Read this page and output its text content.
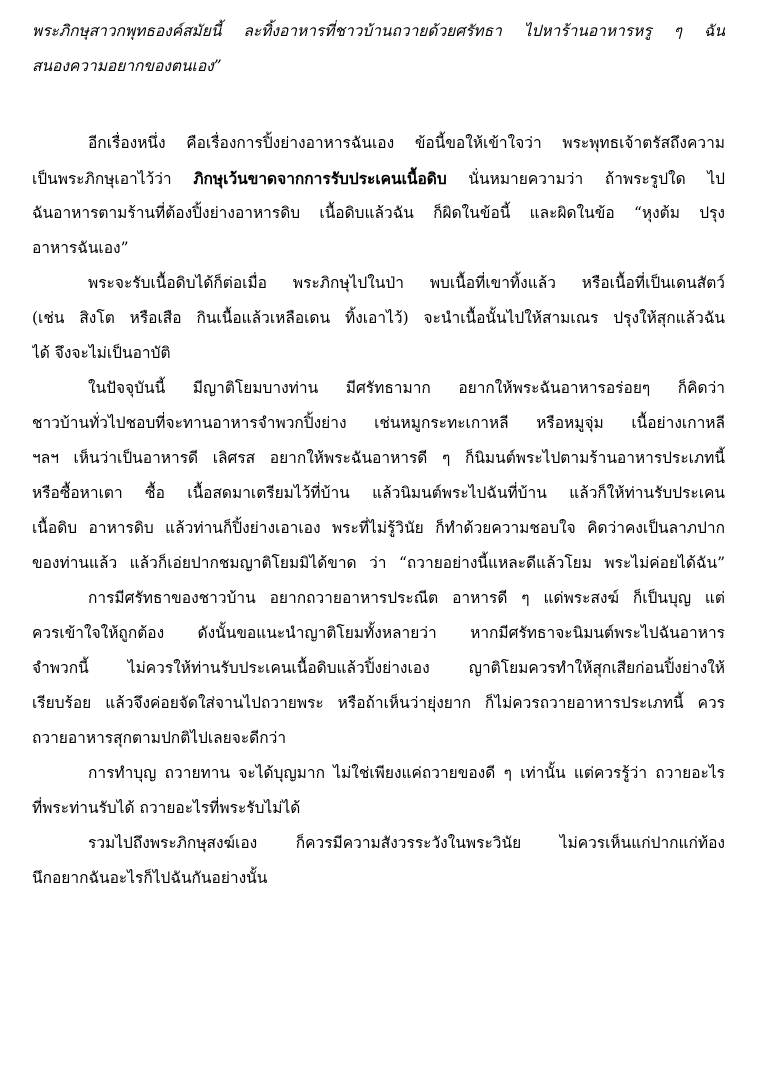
พระภิกษุสาวกพุทธองค์สมัยนี้ ละทิ้งอาหารที่ชาวบ้านถวายด้วยศรัทธา ไปหาร้านอาหารหรู ๆ ฉัน
สนองความอยากของตนเอง”
อีกเรื่องหนึ่ง คือเรื่องการปิ้งย่างอาหารฉันเอง ข้อนี้ขอให้เข้าใจว่า พระพุทธเจ้าตรัสถึงความ
เป็นพระภิกษุเอาไว้ว่า ภิกษุเว้นขาดจากการรับประเคนเนื้อดิบ นั่นหมายความว่า ถ้าพระรูปใด ไป
ฉันอาหารตามร้านที่ต้องปิ้งย่างอาหารดิบ เนื้อดิบแล้วฉัน ก็ผิดในข้อนี้ และผิดในข้อ “หุงต้ม ปรุง
อาหารฉันเอง”
พระจะรับเนื้อดิบได้ก็ต่อเมื่อ พระภิกษุไปในป่า พบเนื้อที่เขาทิ้งแล้ว หรือเนื้อที่เป็นเดนสัตว์
(เช่น สิงโต หรือเสือ กินเนื้อแล้วเหลือเดน ทิ้งเอาไว้) จะนำเนื้อนั้นไปให้สามเณร ปรุงให้สุกแล้วฉัน
ได้ จึงจะไม่เป็นอาบัติ
ในปัจจุบันนี้ มีญาติโยมบางท่าน มีศรัทธามาก อยากให้พระฉันอาหารอร่อยๆ ก็คิดว่า
ชาวบ้านทั่วไปชอบที่จะทานอาหารจำพวกปิ้งย่าง เช่นหมูกระทะเกาหลี หรือหมูจุ่ม เนื้อย่างเกาหลี
ฯลฯ เห็นว่าเป็นอาหารดี เลิศรส อยากให้พระฉันอาหารดี ๆ ก็นิมนต์พระไปตามร้านอาหารประเภทนี้
หรือซื้อหาเตา ซื้อ เนื้อสดมาเตรียมไว้ที่บ้าน แล้วนิมนต์พระไปฉันที่บ้าน แล้วก็ให้ท่านรับประเคน
เนื้อดิบ อาหารดิบ แล้วท่านก็ปิ้งย่างเอาเอง พระที่ไม่รู้วินัย ก็ทำด้วยความชอบใจ คิดว่าคงเป็นลาภปาก
ของท่านแล้ว แล้วก็เอ่ยปากชมญาติโยมมิได้ขาด ว่า “ถวายอย่างนี้แหละดีแล้วโยม พระไม่ค่อยได้ฉัน”
การมีศรัทธาของชาวบ้าน อยากถวายอาหารประณีต อาหารดี ๆ แด่พระสงฆ์ ก็เป็นบุญ แต่
ควรเข้าใจให้ถูกต้อง ดังนั้นขอแนะนำญาติโยมทั้งหลายว่า หากมีศรัทธาจะนิมนต์พระไปฉันอาหาร
จำพวกนี้ ไม่ควรให้ท่านรับประเคนเนื้อดิบแล้วปิ้งย่างเอง ญาติโยมควรทำให้สุกเสียก่อนปิ้งย่างให้
เรียบร้อย แล้วจึงค่อยจัดใส่จานไปถวายพระ หรือถ้าเห็นว่ายุ่งยาก ก็ไม่ควรถวายอาหารประเภทนี้ ควร
ถวายอาหารสุกตามปกติไปเลยจะดีกว่า
การทำบุญ ถวายทาน จะได้บุญมาก ไม่ใช่เพียงแค่ถวายของดี ๆ เท่านั้น แต่ควรรู้ว่า ถวายอะไร
ที่พระท่านรับได้ ถวายอะไรที่พระรับไม่ได้
รวมไปถึงพระภิกษุสงฆ์เอง ก็ควรมีความสังวรระวังในพระวินัย ไม่ควรเห็นแก่ปากแก่ท้อง
นึกอยากฉันอะไรก็ไปฉันกันอย่างนั้น
